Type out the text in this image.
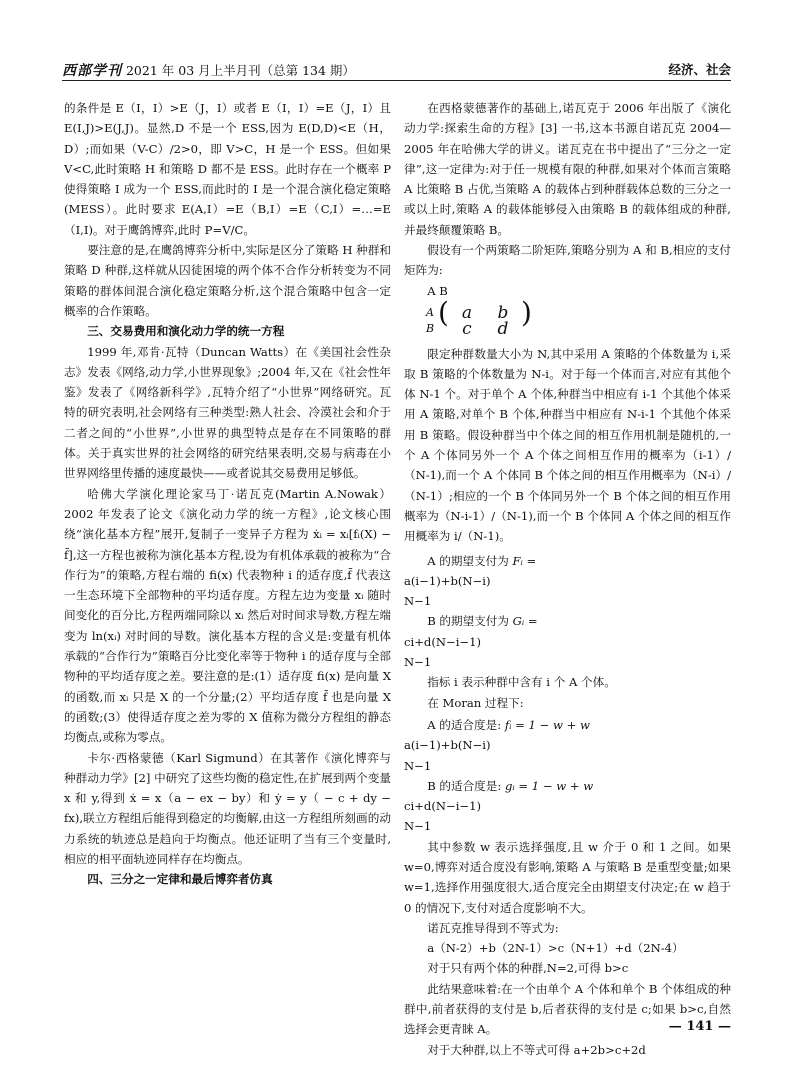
西部学刊 2021 年 03 月上半月刊（总第 134 期）	经济、社会

的条件是 E（I，I）>E（J，I）或者 E（I，I）=E（J，I）且 E(I,J)>E(J,J)。显然,D 不是一个 ESS,因为 E(D,D)<E（H，D）;而如果（V-C）/2>0，即 V>C，H 是一个 ESS。但如果 V<C,此时策略 H 和策略 D 都不是 ESS。此时存在一个概率 P 使得策略 I 成为一个 ESS,而此时的 I 是一个混合演化稳定策略(MESS）。此时要求 E(A,I）=E（B,I）=E（C,I）=…=E（I,I)。对于鹰鸽博弈,此时 P=V/C。

要注意的是,在鹰鸽博弈分析中,实际是区分了策略 H 种群和策略 D 种群,这样就从囚徒困境的两个体不合作分析转变为不同策略的群体间混合演化稳定策略分析,这个混合策略中包含一定概率的合作策略。

三、交易费用和演化动力学的统一方程

1999 年,邓肯·瓦特（Duncan Watts）在《美国社会性杂志》发表《网络,动力学,小世界现象》;2004 年,又在《社会性年鉴》发表了《网络新科学》,瓦特介绍了“小世界”网络研究。瓦特的研究表明,社会网络有三种类型:熟人社会、冷漠社会和介于二者之间的“小世界”,小世界的典型特点是存在不同策略的群体。关于真实世界的社会网络的研究结果表明,交易与病毒在小世界网络里传播的速度最快——或者说其交易费用足够低。

哈佛大学演化理论家马丁·诺瓦克(Martin A.Nowak）2002 年发表了论文《演化动力学的统一方程》,论文核心围绕“演化基本方程”展开,复制子一变异子方程为 ẋᵢ = xᵢ[fᵢ(X) − f̄],这一方程也被称为演化基本方程,设为有机体承载的被称为“合作行为”的策略,方程右端的 fi(x) 代表物种 i 的适存度,f̄ 代表这一生态环境下全部物种的平均适存度。方程左边为变量 xᵢ 随时间变化的百分比,方程两端同除以 xᵢ 然后对时间求导数,方程左端变为 ln(xᵢ) 对时间的导数。演化基本方程的含义是:变量有机体承载的“合作行为”策略百分比变化率等于物种 i 的适存度与全部物种的平均适存度之差。要注意的是:(1）适存度 fi(x) 是向量 X 的函数,而 xᵢ 只是 X 的一个分量;(2）平均适存度 f̄ 也是向量 X 的函数;(3）使得适存度之差为零的 X 值称为微分方程组的静态均衡点,或称为零点。

卡尔·西格蒙德（Karl Sigmund）在其著作《演化博弈与种群动力学》[2] 中研究了这些均衡的稳定性,在扩展到两个变量 x 和 y,得到 ẋ = x（a − ex − by）和 ẏ = y（ − c + dy − fx),联立方程组后能得到稳定的均衡解,由这一方程组所刻画的动力系统的轨迹总是趋向于均衡点。他还证明了当有三个变量时,相应的相平面轨迹同样存在均衡点。

四、三分之一定律和最后博弈者仿真

在西格蒙德著作的基础上,诺瓦克于 2006 年出版了《演化动力学:探索生命的方程》[3] 一书,这本书源自诺瓦克 2004—2005 年在哈佛大学的讲义。诺瓦克在书中提出了“三分之一定律”,这一定律为:对于任一规模有限的种群,如果对个体而言策略 A 比策略 B 占优,当策略 A 的载体占到种群载体总数的三分之一或以上时,策略 A 的载体能够侵入由策略 B 的载体组成的种群,并最终颠覆策略 B。

假设有一个两策略二阶矩阵,策略分别为 A 和 B,相应的支付矩阵为:

A B

A ( a	b )
B	c	d

限定种群数量大小为 N,其中采用 A 策略的个体数量为 i,采取 B 策略的个体数量为 N-i。对于每一个体而言,对应有其他个体 N-1 个。对于单个 A 个体,种群当中相应有 i-1 个其他个体采用 A 策略,对单个 B 个体,种群当中相应有 N-i-1 个其他个体采用 B 策略。假设种群当中个体之间的相互作用机制是随机的,一个 A 个体同另外一个 A 个体之间相互作用的概率为（i-1）/（N-1),而一个 A 个体同 B 个体之间的相互作用概率为（N-i）/（N-1）;相应的一个 B 个体同另外一个 B 个体之间的相互作用概率为（N-i-1）/（N-1),而一个 B 个体同 A 个体之间的相互作用概率为 i/（N-1)。

A 的期望支付为 Fᵢ =

a(i−1)+b(N−i)
N−1

B 的期望支付为 Gᵢ =

ci+d(N−i−1)
N−1

指标 i 表示种群中含有 i 个 A 个体。

在 Moran 过程下:

A 的适合度是: fᵢ = 1 − w + w

a(i−1)+b(N−i)
N−1

B 的适合度是: gᵢ = 1 − w + w

ci+d(N−i−1)
N−1

其中参数 w 表示选择强度,且 w 介于 0 和 1 之间。如果 w=0,博弈对适合度没有影响,策略 A 与策略 B 是重型变量;如果 w=1,选择作用强度很大,适合度完全由期望支付决定;在 w 趋于 0 的情况下,支付对适合度影响不大。

诺瓦克推导得到不等式为:

a（N-2）+b（2N-1）>c（N+1）+d（2N-4）

对于只有两个体的种群,N=2,可得 b>c

此结果意味着:在一个由单个 A 个体和单个 B 个体组成的种群中,前者获得的支付是 b,后者获得的支付是 c;如果 b>c,自然选择会更青睐 A。

对于大种群,以上不等式可得 a+2b>c+2d

— 141 —
